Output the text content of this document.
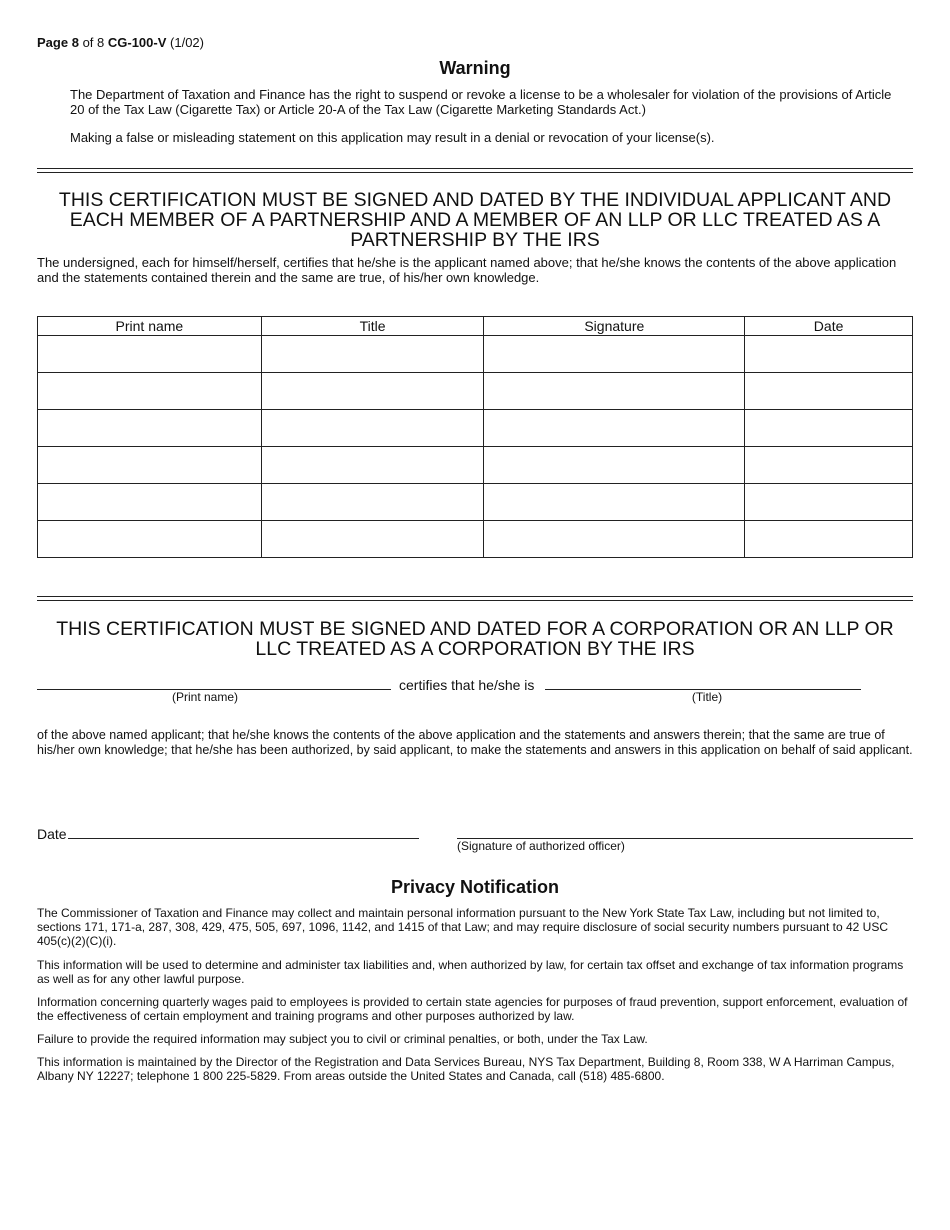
Page 8 of 8 CG-100-V (1/02)
Warning
The Department of Taxation and Finance has the right to suspend or revoke a license to be a wholesaler for violation of the provisions of Article 20 of the Tax Law (Cigarette Tax) or Article 20-A of the Tax Law (Cigarette Marketing Standards Act.)
Making a false or misleading statement on this application may result in a denial or revocation of your license(s).
THIS CERTIFICATION MUST BE SIGNED AND DATED BY THE INDIVIDUAL APPLICANT AND EACH MEMBER OF A PARTNERSHIP AND A MEMBER OF AN LLP OR LLC TREATED AS A PARTNERSHIP BY THE IRS
The undersigned, each for himself/herself, certifies that he/she is the applicant named above; that he/she knows the contents of the above application and the statements contained therein and the same are true, of his/her own knowledge.
Print name	Title	Signature	Date

THIS CERTIFICATION MUST BE SIGNED AND DATED FOR A CORPORATION OR AN LLP OR LLC TREATED AS A CORPORATION BY THE IRS
certifies that he/she is
(Print name)	(Title)
of the above named applicant; that he/she knows the contents of the above application and the statements and answers therein; that the same are true of his/her own knowledge; that he/she has been authorized, by said applicant, to make the statements and answers in this application on behalf of said applicant.
Date
(Signature of authorized officer)
Privacy Notification
The Commissioner of Taxation and Finance may collect and maintain personal information pursuant to the New York State Tax Law, including but not limited to, sections 171, 171-a, 287, 308, 429, 475, 505, 697, 1096, 1142, and 1415 of that Law; and may require disclosure of social security numbers pursuant to 42 USC 405(c)(2)(C)(i).
This information will be used to determine and administer tax liabilities and, when authorized by law, for certain tax offset and exchange of tax information programs as well as for any other lawful purpose.
Information concerning quarterly wages paid to employees is provided to certain state agencies for purposes of fraud prevention, support enforcement, evaluation of the effectiveness of certain employment and training programs and other purposes authorized by law.
Failure to provide the required information may subject you to civil or criminal penalties, or both, under the Tax Law.
This information is maintained by the Director of the Registration and Data Services Bureau, NYS Tax Department, Building 8, Room 338, W A Harriman Campus, Albany NY 12227; telephone 1 800 225-5829. From areas outside the United States and Canada, call (518) 485-6800.
